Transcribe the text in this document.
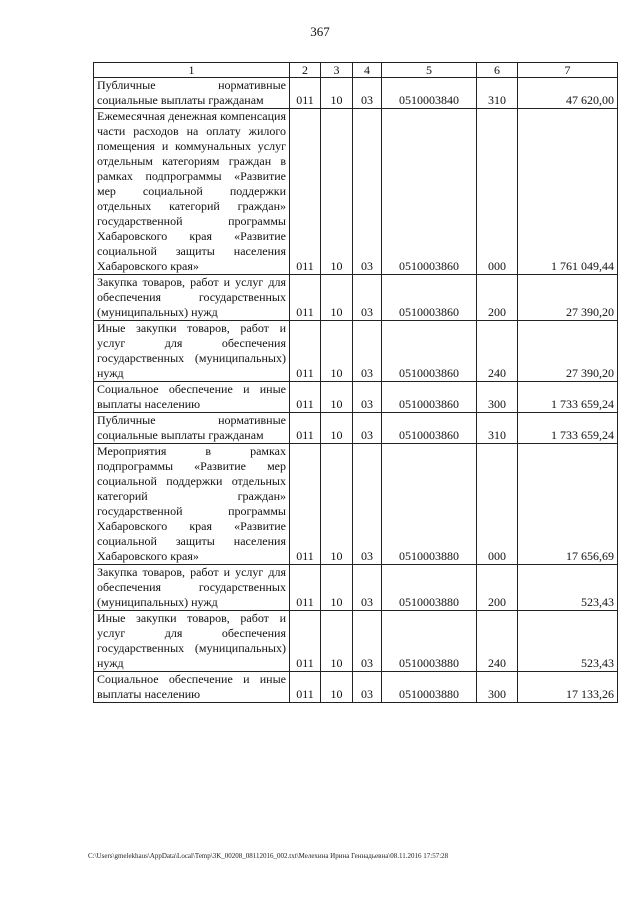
367
1	2	3	4	5	6	7
Публичные нормативные социальные выплаты гражданам	011	10	03	0510003840	310	47 620,00
Ежемесячная денежная компенсация части расходов на оплату жилого помещения и коммунальных услуг отдельным категориям граждан в рамках подпрограммы «Развитие мер социальной поддержки отдельных категорий граждан» государственной программы Хабаровского края «Развитие социальной защиты населения Хабаровского края»	011	10	03	0510003860	000	1 761 049,44
Закупка товаров, работ и услуг для обеспечения государственных (муниципальных) нужд	011	10	03	0510003860	200	27 390,20
Иные закупки товаров, работ и услуг для обеспечения государственных (муниципальных) нужд	011	10	03	0510003860	240	27 390,20
Социальное обеспечение и иные выплаты населению	011	10	03	0510003860	300	1 733 659,24
Публичные нормативные социальные выплаты гражданам	011	10	03	0510003860	310	1 733 659,24
Мероприятия в рамках подпрограммы «Развитие мер социальной поддержки отдельных категорий граждан» государственной программы Хабаровского края «Развитие социальной защиты населения Хабаровского края»	011	10	03	0510003880	000	17 656,69
Закупка товаров, работ и услуг для обеспечения государственных (муниципальных) нужд	011	10	03	0510003880	200	523,43
Иные закупки товаров, работ и услуг для обеспечения государственных (муниципальных) нужд	011	10	03	0510003880	240	523,43
Социальное обеспечение и иные выплаты населению	011	10	03	0510003880	300	17 133,26
C:\Users\gmelekhaus\AppData\Local\Temp\3K_00208_08112016_002.txt\Мелехина Ирина Геннадьевна\08.11.2016 17:57:28
